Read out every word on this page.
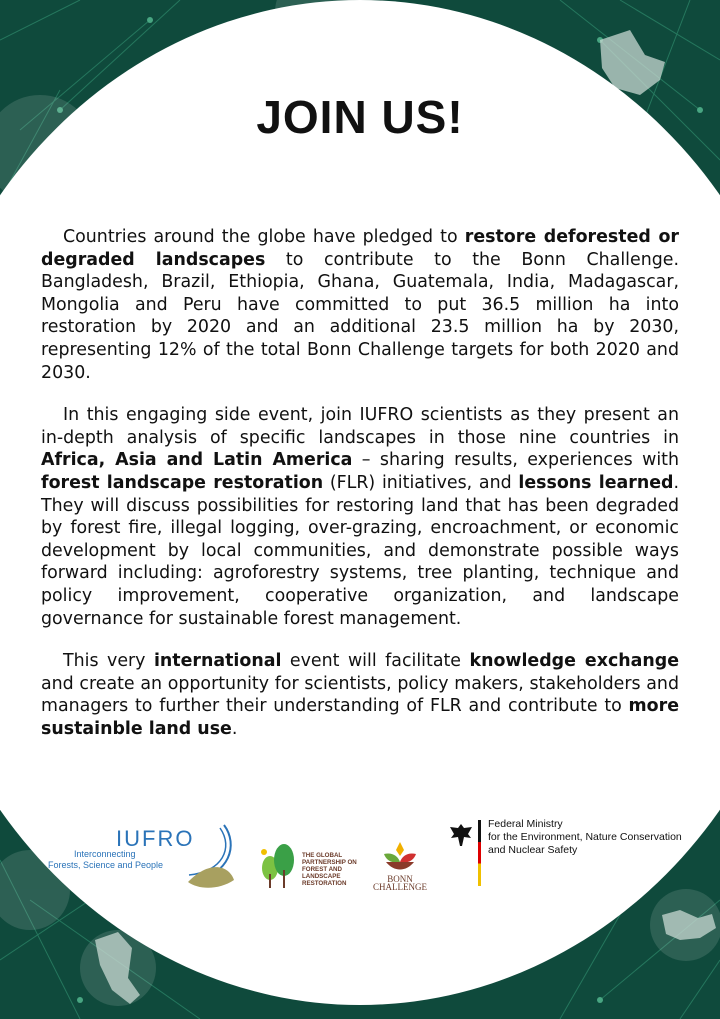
JOIN US!

Countries around the globe have pledged to restore deforested or degraded landscapes to contribute to the Bonn Challenge. Bangladesh, Brazil, Ethiopia, Ghana, Guatemala, India, Madagascar, Mongolia and Peru have committed to put 36.5 million ha into restoration by 2020 and an additional 23.5 million ha by 2030, representing 12% of the total Bonn Challenge targets for both 2020 and 2030.

In this engaging side event, join IUFRO scientists as they present an in-depth analysis of specific landscapes in those nine countries in Africa, Asia and Latin America – sharing results, experiences with forest landscape restoration (FLR) initiatives, and lessons learned. They will discuss possibilities for restoring land that has been degraded by forest fire, illegal logging, over-grazing, encroachment, or economic development by local communities, and demonstrate possible ways forward including: agroforestry systems, tree planting, technique and policy improvement, cooperative organization, and landscape governance for sustainable forest management.

This very international event will facilitate knowledge exchange and create an opportunity for scientists, policy makers, stakeholders and managers to further their understanding of FLR and contribute to more sustainble land use.

IUFRO
Interconnecting
Forests, Science and People
THE GLOBAL PARTNERSHIP ON FOREST AND LANDSCAPE RESTORATION	BONN
CHALLENGE
Federal Ministry
for the Environment, Nature Conservation
and Nuclear Safety
